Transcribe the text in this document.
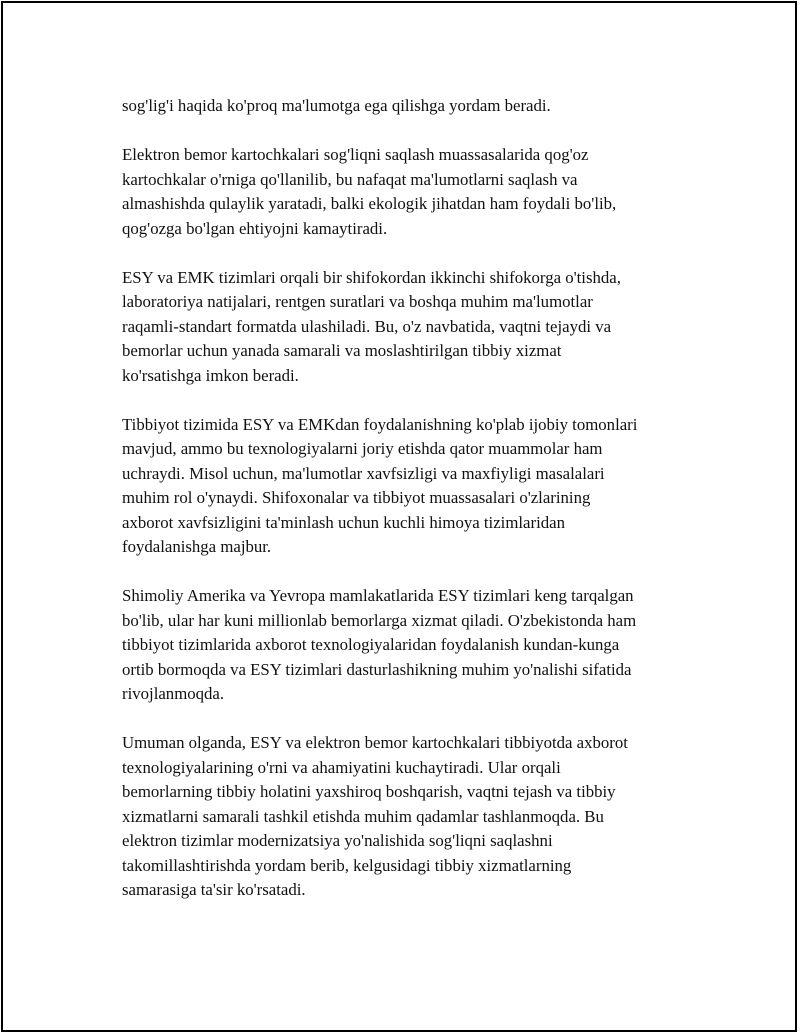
sog'lig'i haqida ko'proq ma'lumotga ega qilishga yordam beradi.

Elektron bemor kartochkalari sog'liqni saqlash muassasalarida qog'oz
kartochkalar o'rniga qo'llanilib, bu nafaqat ma'lumotlarni saqlash va
almashishda qulaylik yaratadi, balki ekologik jihatdan ham foydali bo'lib,
qog'ozga bo'lgan ehtiyojni kamaytiradi.

ESY va EMK tizimlari orqali bir shifokordan ikkinchi shifokorga o'tishda,
laboratoriya natijalari, rentgen suratlari va boshqa muhim ma'lumotlar
raqamli-standart formatda ulashiladi. Bu, o'z navbatida, vaqtni tejaydi va
bemorlar uchun yanada samarali va moslashtirilgan tibbiy xizmat
ko'rsatishga imkon beradi.

Tibbiyot tizimida ESY va EMKdan foydalanishning ko'plab ijobiy tomonlari
mavjud, ammo bu texnologiyalarni joriy etishda qator muammolar ham
uchraydi. Misol uchun, ma'lumotlar xavfsizligi va maxfiyligi masalalari
muhim rol o'ynaydi. Shifoxonalar va tibbiyot muassasalari o'zlarining
axborot xavfsizligini ta'minlash uchun kuchli himoya tizimlaridan
foydalanishga majbur.

Shimoliy Amerika va Yevropa mamlakatlarida ESY tizimlari keng tarqalgan
bo'lib, ular har kuni millionlab bemorlarga xizmat qiladi. O'zbekistonda ham
tibbiyot tizimlarida axborot texnologiyalaridan foydalanish kundan-kunga
ortib bormoqda va ESY tizimlari dasturlashikning muhim yo'nalishi sifatida
rivojlanmoqda.

Umuman olganda, ESY va elektron bemor kartochkalari tibbiyotda axborot
texnologiyalarining o'rni va ahamiyatini kuchaytiradi. Ular orqali
bemorlarning tibbiy holatini yaxshiroq boshqarish, vaqtni tejash va tibbiy
xizmatlarni samarali tashkil etishda muhim qadamlar tashlanmoqda. Bu
elektron tizimlar modernizatsiya yo'nalishida sog'liqni saqlashni
takomillashtirishda yordam berib, kelgusidagi tibbiy xizmatlarning
samarasiga ta'sir ko'rsatadi.
